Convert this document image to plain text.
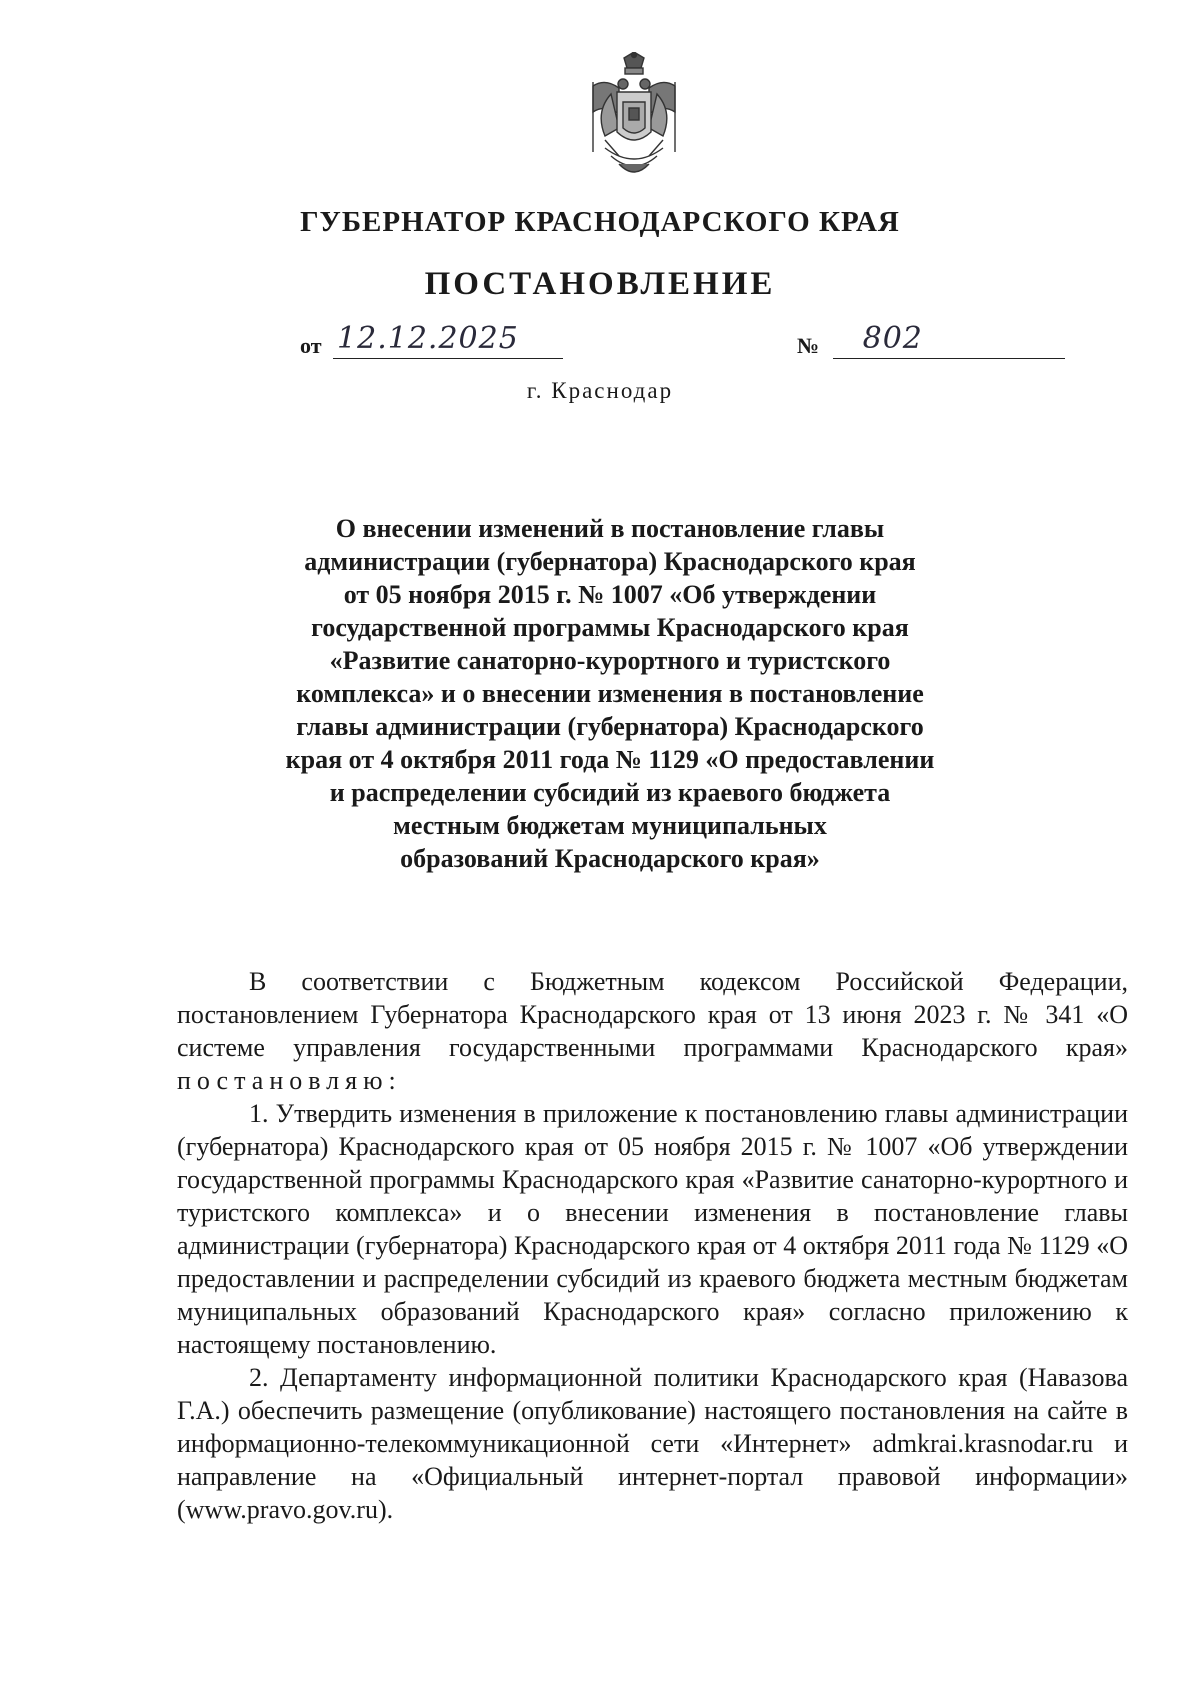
ГУБЕРНАТОР КРАСНОДАРСКОГО КРАЯ
ПОСТАНОВЛЕНИЕ
от 12.12.2025	№ 802
г. Краснодар
О внесении изменений в постановление главы
администрации (губернатора) Краснодарского края
от 05 ноября 2015 г. № 1007 «Об утверждении
государственной программы Краснодарского края
«Развитие санаторно-курортного и туристского
комплекса» и о внесении изменения в постановление
главы администрации (губернатора) Краснодарского
края от 4 октября 2011 года № 1129 «О предоставлении
и распределении субсидий из краевого бюджета
местным бюджетам муниципальных
образований Краснодарского края»

В соответствии с Бюджетным кодексом Российской Федерации, постановлением Губернатора Краснодарского края от 13 июня 2023 г. № 341 «О системе управления государственными программами Краснодарского края» постановляю:

1. Утвердить изменения в приложение к постановлению главы администрации (губернатора) Краснодарского края от 05 ноября 2015 г. № 1007 «Об утверждении государственной программы Краснодарского края «Развитие санаторно-курортного и туристского комплекса» и о внесении изменения в постановление главы администрации (губернатора) Краснодарского края от 4 октября 2011 года № 1129 «О предоставлении и распределении субсидий из краевого бюджета местным бюджетам муниципальных образований Краснодарского края» согласно приложению к настоящему постановлению.

2. Департаменту информационной политики Краснодарского края (Навазова Г.А.) обеспечить размещение (опубликование) настоящего постановления на сайте в информационно-телекоммуникационной сети «Интернет» admkrai.krasnodar.ru и направление на «Официальный интернет-портал правовой информации» (www.pravo.gov.ru).
